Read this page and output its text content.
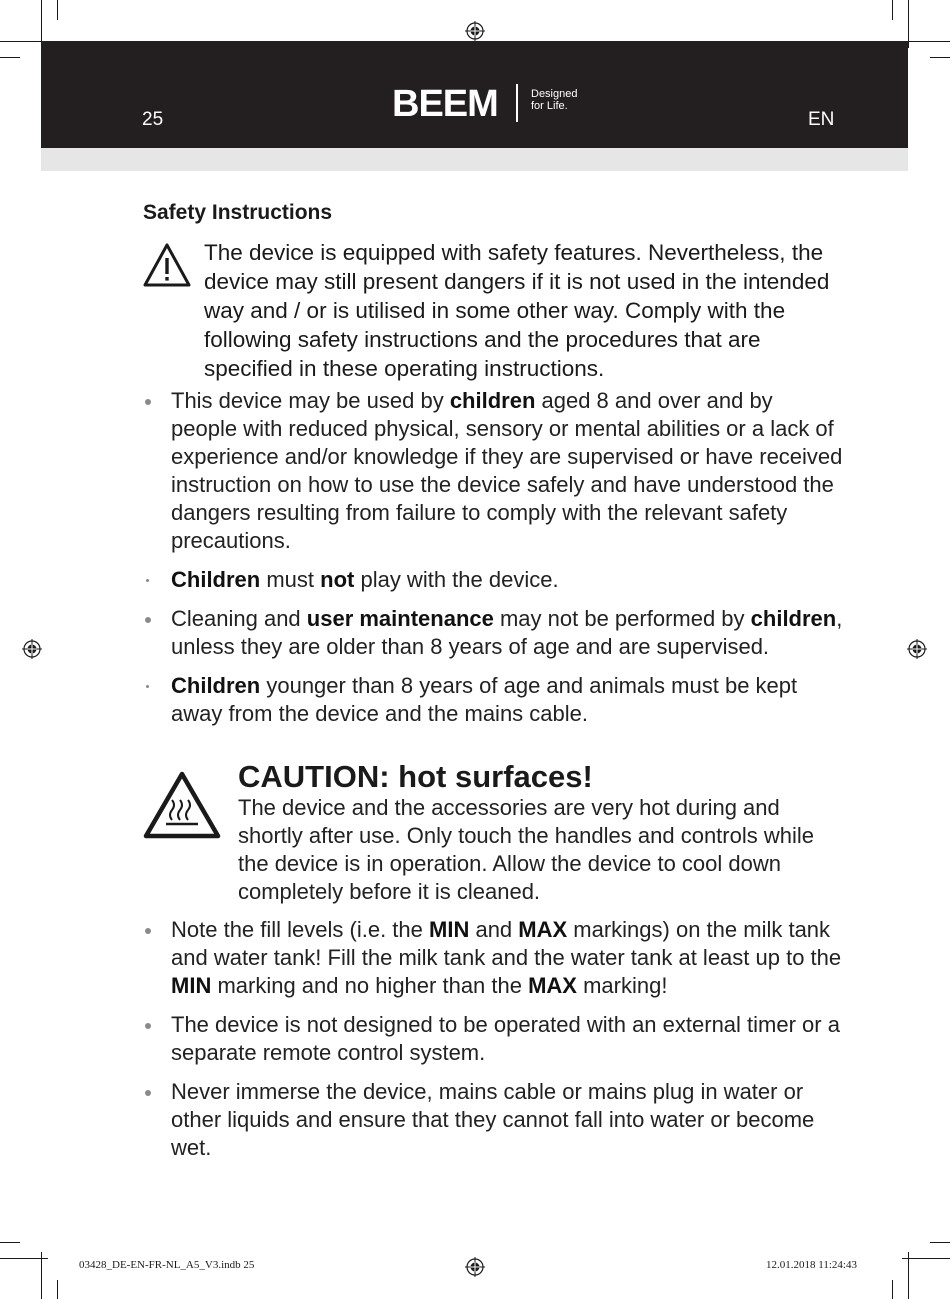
25	BEEM	Designed
for Life.
EN
Safety Instructions
The device is equipped with safety features. Nevertheless, the device may still present dangers if it is not used in the intended way and / or is utilised in some other way. Comply with the following safety instructions and the procedures that are specified in these operating instructions.
This device may be used by children aged 8 and over and by people with reduced physical, sensory or mental abilities or a lack of experience and/or knowledge if they are supervised or have received instruction on how to use the device safely and have understood the dangers resulting from failure to comply with the relevant safety precautions.
Children must not play with the device.
Cleaning and user maintenance may not be performed by children, unless they are older than 8 years of age and are supervised.
Children younger than 8 years of age and animals must be kept away from the device and the mains cable.
CAUTION: hot surfaces!
The device and the accessories are very hot during and shortly after use. Only touch the handles and controls while the device is in operation. Allow the device to cool down completely before it is cleaned.
Note the fill levels (i.e. the MIN and MAX markings) on the milk tank and water tank! Fill the milk tank and the water tank at least up to the MIN marking and no higher than the MAX marking!
The device is not designed to be operated with an external timer or a separate remote control system.
Never immerse the device, mains cable or mains plug in water or other liquids and ensure that they cannot fall into water or become wet.
03428_DE-EN-FR-NL_A5_V3.indb 25	12.01.2018 11:24:43
